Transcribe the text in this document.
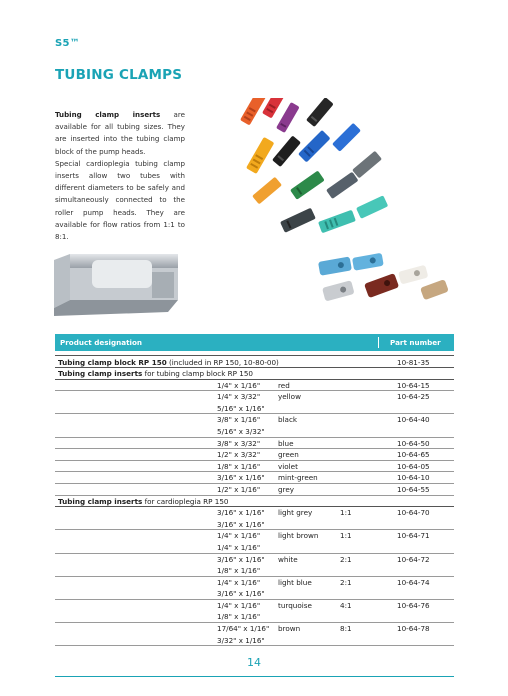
S5™
TUBING CLAMPS

Tubing clamp inserts are available for all tubing sizes. They are inserted into the tubing clamp block of the pump heads.

Special cardioplegia tubing clamp inserts allow two tubes with different diameters to be safely and simultaneously connected to the roller pump heads. They are available for flow ratios from 1:1 to 8:1.

Product designation	Part number
Tubing clamp block RP 150 (included in RP 150, 10-80-00)	10-81-35
Tubing clamp inserts for tubing clamp block RP 150
1/4" x 1/16" red	10-64-15
1/4" x 3/32" yellow	10-64-25
5/16" x 1/16"
3/8" x 1/16" black	10-64-40
5/16" x 3/32"
3/8" x 3/32" blue	10-64-50
1/2" x 3/32" green	10-64-65
1/8" x 1/16" violet	10-64-05
3/16" x 1/16" mint-green	10-64-10
1/2" x 1/16" grey	10-64-55
Tubing clamp inserts for cardioplegia RP 150
3/16" x 1/16" light grey	1:1	10-64-70
3/16" x 1/16"
1/4" x 1/16" light brown	1:1	10-64-71
1/4" x 1/16"
3/16" x 1/16" white	2:1	10-64-72
1/8" x 1/16"
1/4" x 1/16" light blue	2:1	10-64-74
3/16" x 1/16"
1/4" x 1/16" turquoise	4:1	10-64-76
1/8" x 1/16"
17/64" x 1/16" brown	8:1	10-64-78
3/32" x 1/16"
14
